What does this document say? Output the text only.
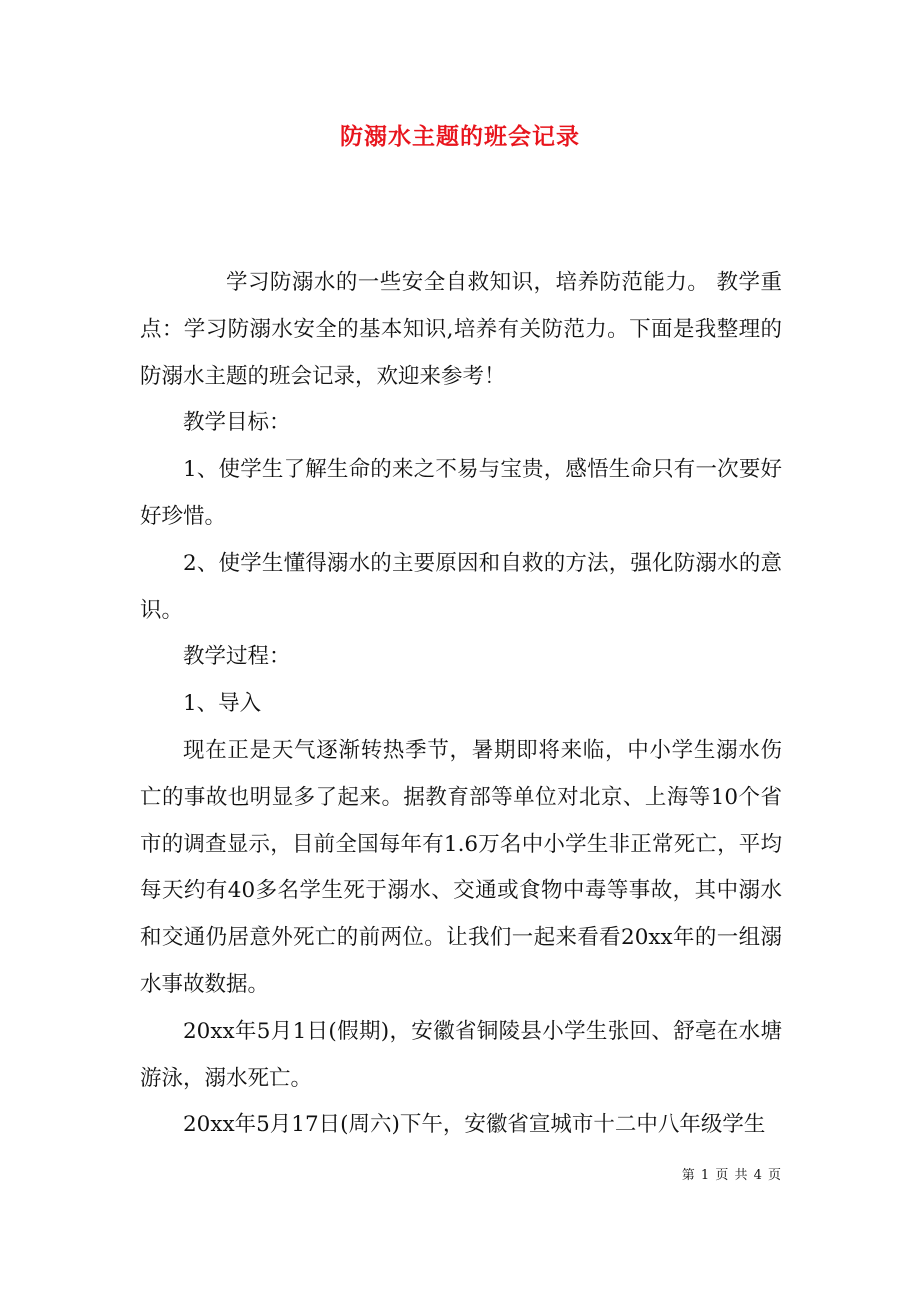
防溺水主题的班会记录

学习防溺水的一些安全自救知识，培养防范能力。 教学重点：学习防溺水安全的基本知识,培养有关防范力。下面是我整理的防溺水主题的班会记录，欢迎来参考！

教学目标：

1、使学生了解生命的来之不易与宝贵，感悟生命只有一次要好好珍惜。

2、使学生懂得溺水的主要原因和自救的方法，强化防溺水的意识。

教学过程：

1、导入

现在正是天气逐渐转热季节，暑期即将来临，中小学生溺水伤亡的事故也明显多了起来。据教育部等单位对北京、上海等10个省市的调查显示，目前全国每年有1.6万名中小学生非正常死亡，平均每天约有40多名学生死于溺水、交通或食物中毒等事故，其中溺水和交通仍居意外死亡的前两位。让我们一起来看看20xx年的一组溺水事故数据。

20xx年5月1日(假期)，安徽省铜陵县小学生张回、舒亳在水塘游泳，溺水死亡。

20xx年5月17日(周六)下午，安徽省宣城市十二中八年级学生

第 1 页 共 4 页
